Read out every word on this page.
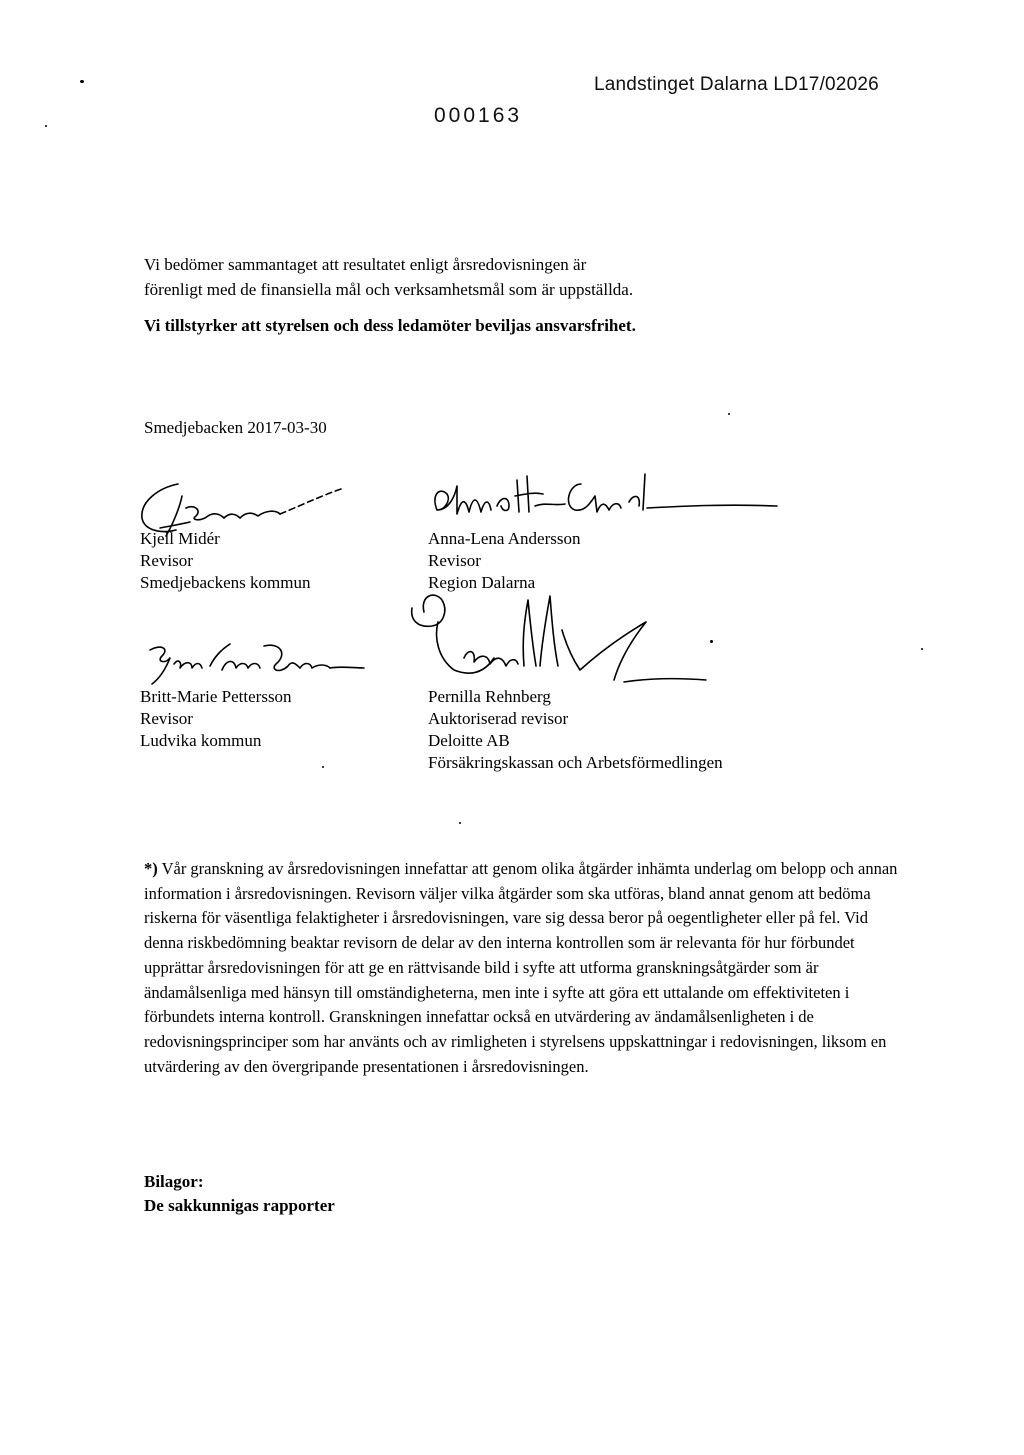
Landstinget Dalarna LD17/02026
000163
Vi bedömer sammantaget att resultatet enligt årsredovisningen är
förenligt med de finansiella mål och verksamhetsmål som är uppställda.
Vi tillstyrker att styrelsen och dess ledamöter beviljas ansvarsfrihet.
Smedjebacken 2017-03-30
Kjell Midér
Revisor
Smedjebackens kommun
Anna-Lena Andersson
Revisor
Region Dalarna
Britt-Marie Pettersson
Revisor
Ludvika kommun
Pernilla Rehnberg
Auktoriserad revisor
Deloitte AB
Försäkringskassan och Arbetsförmedlingen

*) Vår granskning av årsredovisningen innefattar att genom olika åtgärder inhämta underlag om belopp och annan information i årsredovisningen. Revisorn väljer vilka åtgärder som ska utföras, bland annat genom att bedöma riskerna för väsentliga felaktigheter i årsredovisningen, vare sig dessa beror på oegentligheter eller på fel. Vid denna riskbedömning beaktar revisorn de delar av den interna kontrollen som är relevanta för hur förbundet upprättar årsredovisningen för att ge en rättvisande bild i syfte att utforma granskningsåtgärder som är ändamålsenliga med hänsyn till omständigheterna, men inte i syfte att göra ett uttalande om effektiviteten i förbundets interna kontroll. Granskningen innefattar också en utvärdering av ändamålsenligheten i de redovisningsprinciper som har använts och av rimligheten i styrelsens uppskattningar i redovisningen, liksom en utvärdering av den övergripande presentationen i årsredovisningen.

Bilagor:
De sakkunnigas rapporter
